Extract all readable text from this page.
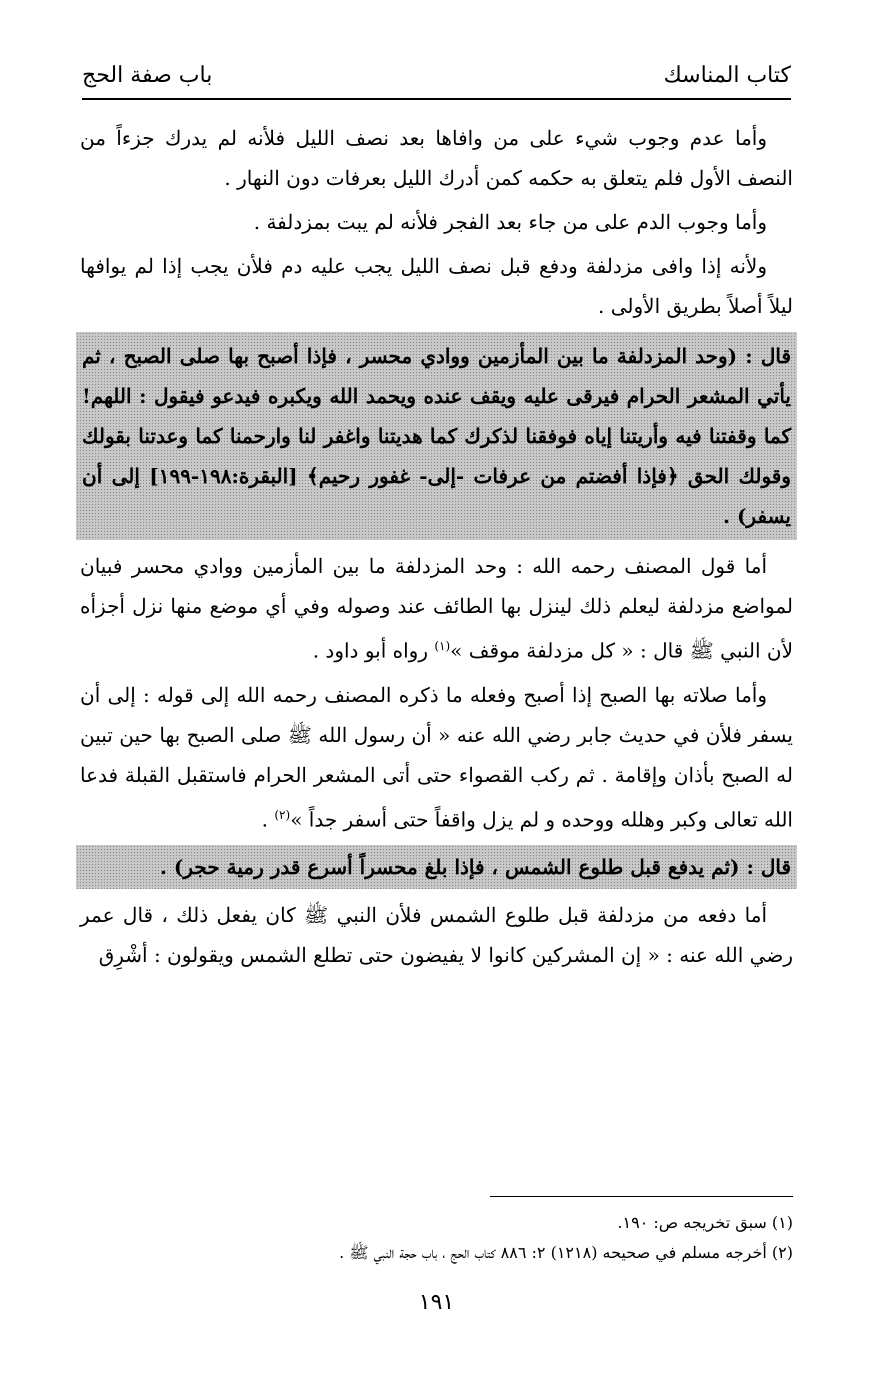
باب صفة الحج	كتاب المناسك

وأما عدم وجوب شيء على من وافاها بعد نصف الليل فلأنه لم يدرك جزءاً من النصف الأول فلم يتعلق به حكمه كمن أدرك الليل بعرفات دون النهار .

وأما وجوب الدم على من جاء بعد الفجر فلأنه لم يبت بمزدلفة .

ولأنه إذا وافى مزدلفة ودفع قبل نصف الليل يجب عليه دم فلأن يجب إذا لم يوافها ليلاً أصلاً بطريق الأولى .

قال : (وحد المزدلفة ما بين المأزمين ووادي محسر ، فإذا أصبح بها صلى الصبح ، ثم يأتي المشعر الحرام فيرقى عليه ويقف عنده ويحمد الله ويكبره فيدعو فيقول : اللهم! كما وقفتنا فيه وأريتنا إياه فوفقنا لذكرك كما هديتنا واغفر لنا وارحمنا كما وعدتنا بقولك وقولك الحق ﴿فإذا أفضتم من عرفات -إلى- غفور رحيم﴾ [البقرة:١٩٨-١٩٩] إلى أن يسفر) .

أما قول المصنف رحمه الله : وحد المزدلفة ما بين المأزمين ووادي محسر فبيان لمواضع مزدلفة ليعلم ذلك لينزل بها الطائف عند وصوله وفي أي موضع منها نزل أجزأه لأن النبي ﷺ قال : « كل مزدلفة موقف »$^{(١)}$ رواه أبو داود .

وأما صلاته بها الصبح إذا أصبح وفعله ما ذكره المصنف رحمه الله إلى قوله : إلى أن يسفر فلأن في حديث جابر رضي الله عنه « أن رسول الله ﷺ صلى الصبح بها حين تبين له الصبح بأذان وإقامة . ثم ركب القصواء حتى أتى المشعر الحرام فاستقبل القبلة فدعا الله تعالى وكبر وهلله ووحده و لم يزل واقفاً حتى أسفر جداً »$^{(٢)}$ .

قال : (ثم يدفع قبل طلوع الشمس ، فإذا بلغ محسراً أسرع قدر رمية حجر) .

أما دفعه من مزدلفة قبل طلوع الشمس فلأن النبي ﷺ كان يفعل ذلك ، قال عمر رضي الله عنه : « إن المشركين كانوا لا يفيضون حتى تطلع الشمس ويقولون : أشْرِق

(١) سبق تخريجه ص: ١٩٠.
(٢) أخرجه مسلم في صحيحه (١٢١٨) ٢: ٨٨٦ كتاب الحج ، باب حجة النبي ﷺ .
١٩١
